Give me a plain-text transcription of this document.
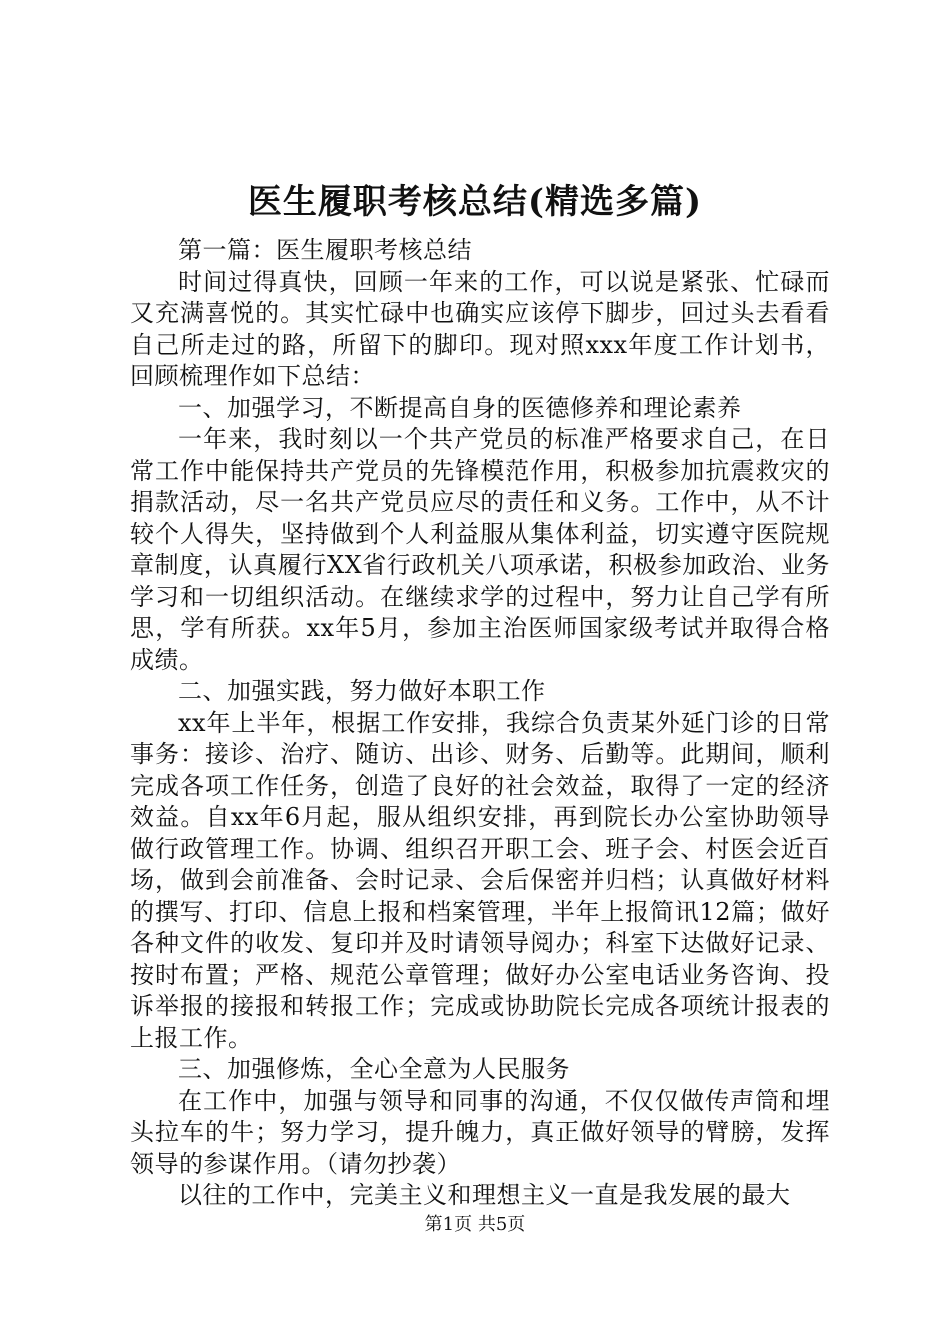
医生履职考核总结(精选多篇)

第一篇：医生履职考核总结

时间过得真快，回顾一年来的工作，可以说是紧张、忙碌而又充满喜悦的。其实忙碌中也确实应该停下脚步，回过头去看看自己所走过的路，所留下的脚印。现对照xxx年度工作计划书，回顾梳理作如下总结：

一、加强学习，不断提高自身的医德修养和理论素养

一年来，我时刻以一个共产党员的标准严格要求自己，在日常工作中能保持共产党员的先锋模范作用，积极参加抗震救灾的捐款活动，尽一名共产党员应尽的责任和义务。工作中，从不计较个人得失，坚持做到个人利益服从集体利益，切实遵守医院规章制度，认真履行XX省行政机关八项承诺，积极参加政治、业务学习和一切组织活动。在继续求学的过程中，努力让自己学有所思，学有所获。xx年5月，参加主治医师国家级考试并取得合格成绩。

二、加强实践，努力做好本职工作

xx年上半年，根据工作安排，我综合负责某外延门诊的日常事务：接诊、治疗、随访、出诊、财务、后勤等。此期间，顺利完成各项工作任务，创造了良好的社会效益，取得了一定的经济效益。自xx年6月起，服从组织安排，再到院长办公室协助领导做行政管理工作。协调、组织召开职工会、班子会、村医会近百场，做到会前准备、会时记录、会后保密并归档；认真做好材料的撰写、打印、信息上报和档案管理，半年上报简讯12篇；做好各种文件的收发、复印并及时请领导阅办；科室下达做好记录、按时布置；严格、规范公章管理；做好办公室电话业务咨询、投诉举报的接报和转报工作；完成或协助院长完成各项统计报表的上报工作。

三、加强修炼，全心全意为人民服务

在工作中，加强与领导和同事的沟通，不仅仅做传声筒和埋头拉车的牛；努力学习，提升魄力，真正做好领导的臂膀，发挥领导的参谋作用。（请勿抄袭）

以往的工作中，完美主义和理想主义一直是我发展的最大

第1页 共5页
